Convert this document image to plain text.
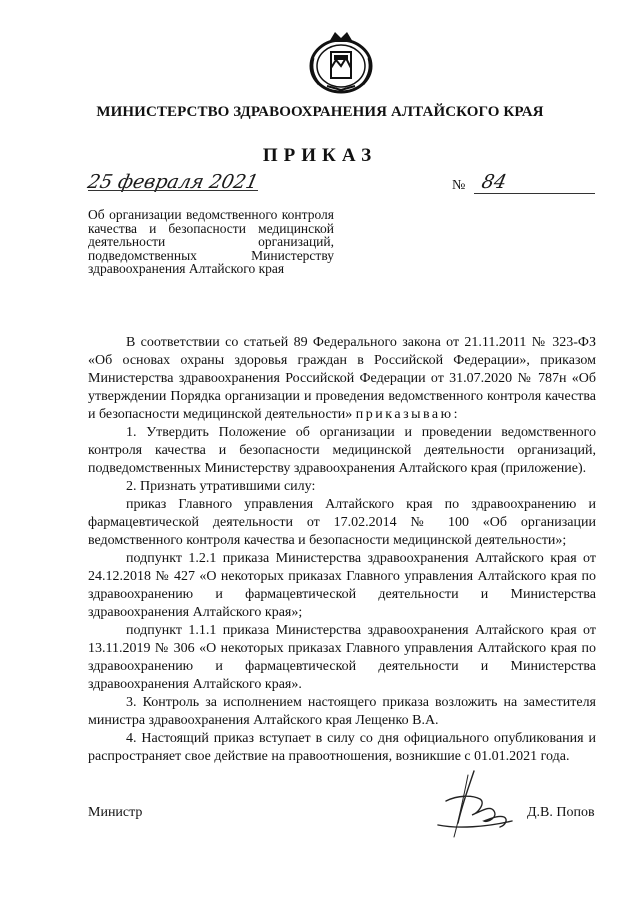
МИНИСТЕРСТВО ЗДРАВООХРАНЕНИЯ АЛТАЙСКОГО КРАЯ
ПРИКАЗ
25 февраля 2021	№ 84
Об организации ведомственного контроля качества и безопасности медицинской деятельности организаций, подведомственных Министерству здравоохранения Алтайского края

В соответствии со статьей 89 Федерального закона от 21.11.2011 № 323-ФЗ «Об основах охраны здоровья граждан в Российской Федерации», приказом Министерства здравоохранения Российской Федерации от 31.07.2020 № 787н «Об утверждении Порядка организации и проведения ведомственного контроля качества и безопасности медицинской деятельности» приказываю:

1. Утвердить Положение об организации и проведении ведомственного контроля качества и безопасности медицинской деятельности организаций, подведомственных Министерству здравоохранения Алтайского края (приложение).

2. Признать утратившими силу:

приказ Главного управления Алтайского края по здравоохранению и фармацевтической деятельности от 17.02.2014 № 100 «Об организации ведомственного контроля качества и безопасности медицинской деятельности»;

подпункт 1.2.1 приказа Министерства здравоохранения Алтайского края от 24.12.2018 № 427 «О некоторых приказах Главного управления Алтайского края по здравоохранению и фармацевтической деятельности и Министерства здравоохранения Алтайского края»;

подпункт 1.1.1 приказа Министерства здравоохранения Алтайского края от 13.11.2019 № 306 «О некоторых приказах Главного управления Алтайского края по здравоохранению и фармацевтической деятельности и Министерства здравоохранения Алтайского края».

3. Контроль за исполнением настоящего приказа возложить на заместителя министра здравоохранения Алтайского края Лещенко В.А.

4. Настоящий приказ вступает в силу со дня официального опубликования и распространяет свое действие на правоотношения, возникшие с 01.01.2021 года.

Министр	Д.В. Попов
